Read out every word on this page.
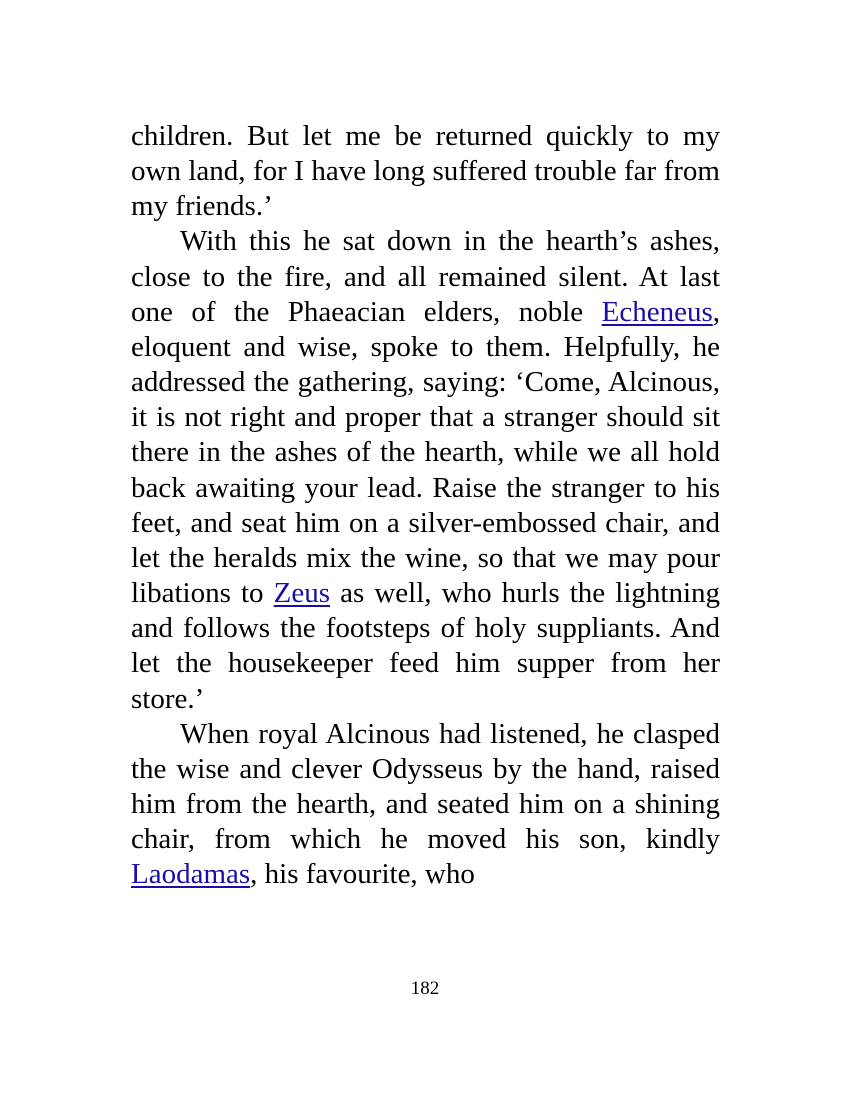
children. But let me be returned quickly to my own land, for I have long suffered trouble far from my friends.’

With this he sat down in the hearth’s ashes, close to the fire, and all remained silent. At last one of the Phaeacian elders, noble Echeneus, eloquent and wise, spoke to them. Helpfully, he addressed the gathering, saying: ‘Come, Alcinous, it is not right and proper that a stranger should sit there in the ashes of the hearth, while we all hold back awaiting your lead. Raise the stranger to his feet, and seat him on a silver-embossed chair, and let the heralds mix the wine, so that we may pour libations to Zeus as well, who hurls the lightning and follows the footsteps of holy suppliants. And let the housekeeper feed him supper from her store.’

When royal Alcinous had listened, he clasped the wise and clever Odysseus by the hand, raised him from the hearth, and seated him on a shining chair, from which he moved his son, kindly Laodamas, his favourite, who

182
